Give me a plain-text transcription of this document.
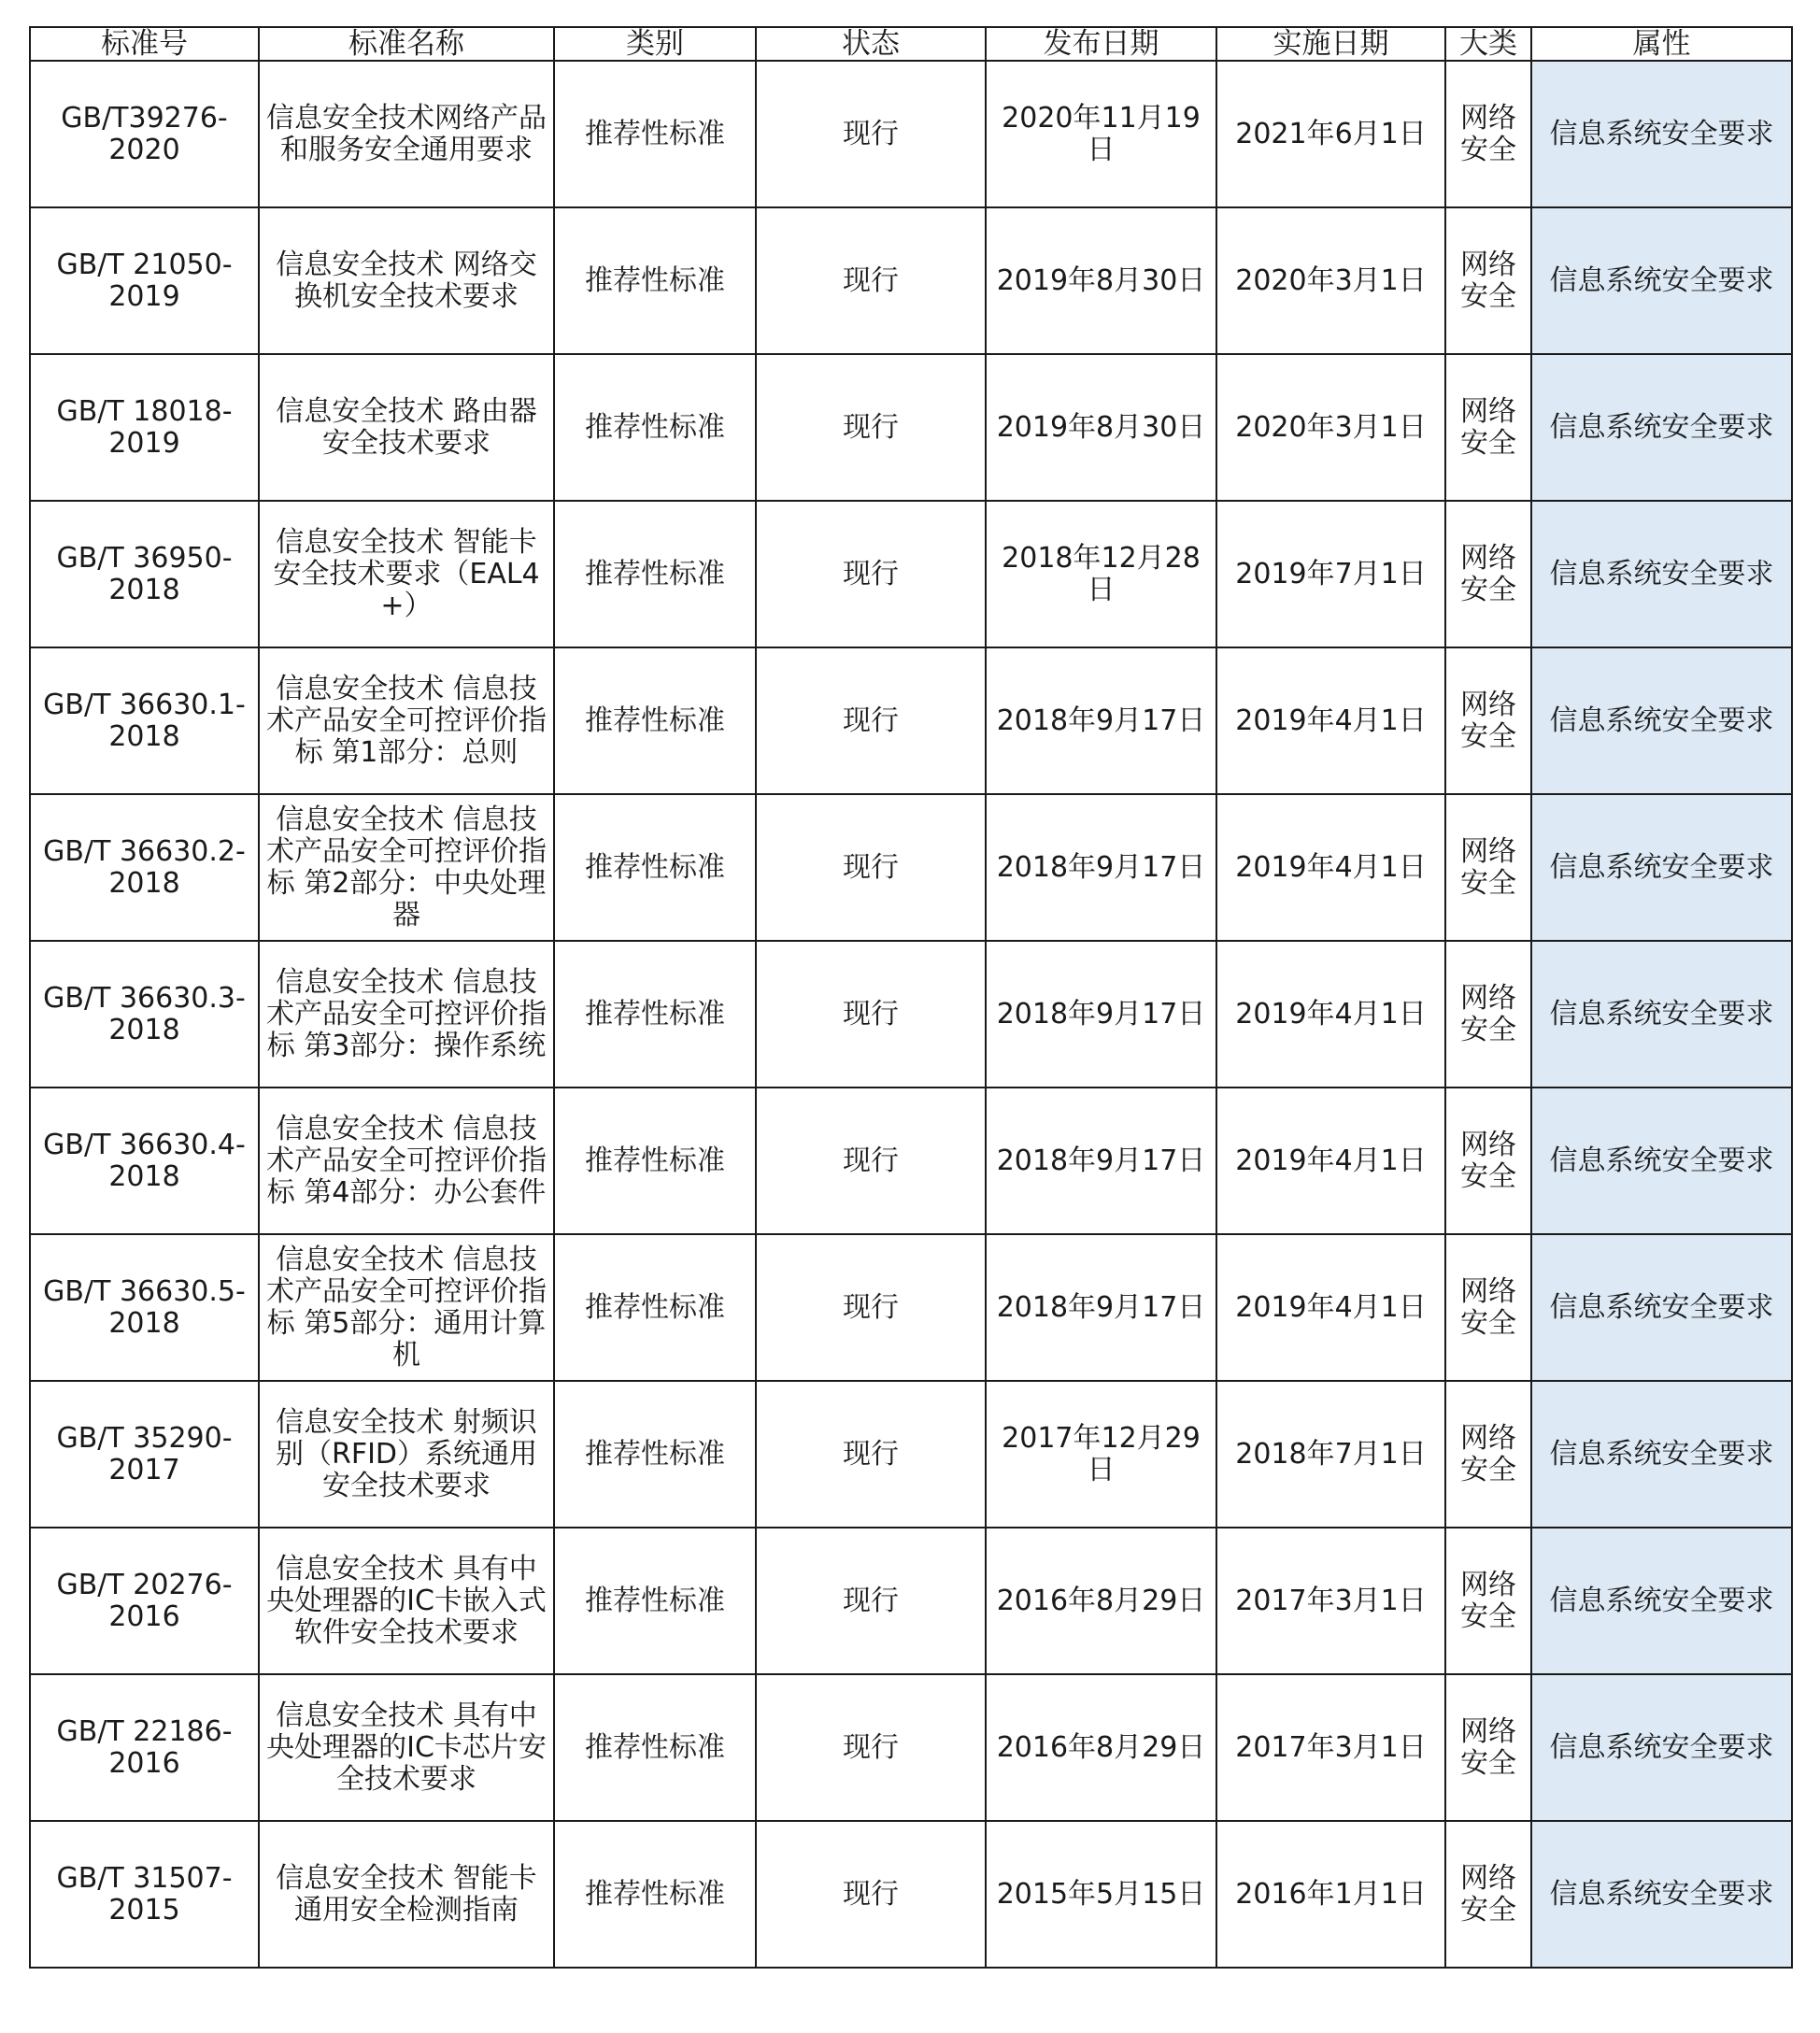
标准号	标准名称	类别	状态	发布日期	实施日期	大类	属性
GB/T39276-2020	信息安全技术网络产品和服务安全通用要求	推荐性标准	现行	2020年11月19日	2021年6月1日	网络安全	信息系统安全要求
GB/T 21050-2019	信息安全技术 网络交换机安全技术要求	推荐性标准	现行	2019年8月30日	2020年3月1日	网络安全	信息系统安全要求
GB/T 18018-2019	信息安全技术 路由器安全技术要求	推荐性标准	现行	2019年8月30日	2020年3月1日	网络安全	信息系统安全要求
GB/T 36950-2018	信息安全技术 智能卡安全技术要求（EAL4+）	推荐性标准	现行	2018年12月28日	2019年7月1日	网络安全	信息系统安全要求
GB/T 36630.1-2018	信息安全技术 信息技术产品安全可控评价指标 第1部分：总则	推荐性标准	现行	2018年9月17日	2019年4月1日	网络安全	信息系统安全要求
GB/T 36630.2-2018	信息安全技术 信息技术产品安全可控评价指标 第2部分：中央处理器	推荐性标准	现行	2018年9月17日	2019年4月1日	网络安全	信息系统安全要求
GB/T 36630.3-2018	信息安全技术 信息技术产品安全可控评价指标 第3部分：操作系统	推荐性标准	现行	2018年9月17日	2019年4月1日	网络安全	信息系统安全要求
GB/T 36630.4-2018	信息安全技术 信息技术产品安全可控评价指标 第4部分：办公套件	推荐性标准	现行	2018年9月17日	2019年4月1日	网络安全	信息系统安全要求
GB/T 36630.5-2018	信息安全技术 信息技术产品安全可控评价指标 第5部分：通用计算机	推荐性标准	现行	2018年9月17日	2019年4月1日	网络安全	信息系统安全要求
GB/T 35290-2017	信息安全技术 射频识别（RFID）系统通用安全技术要求	推荐性标准	现行	2017年12月29日	2018年7月1日	网络安全	信息系统安全要求
GB/T 20276-2016	信息安全技术 具有中央处理器的IC卡嵌入式软件安全技术要求	推荐性标准	现行	2016年8月29日	2017年3月1日	网络安全	信息系统安全要求
GB/T 22186-2016	信息安全技术 具有中央处理器的IC卡芯片安全技术要求	推荐性标准	现行	2016年8月29日	2017年3月1日	网络安全	信息系统安全要求
GB/T 31507-2015	信息安全技术 智能卡通用安全检测指南	推荐性标准	现行	2015年5月15日	2016年1月1日	网络安全	信息系统安全要求
